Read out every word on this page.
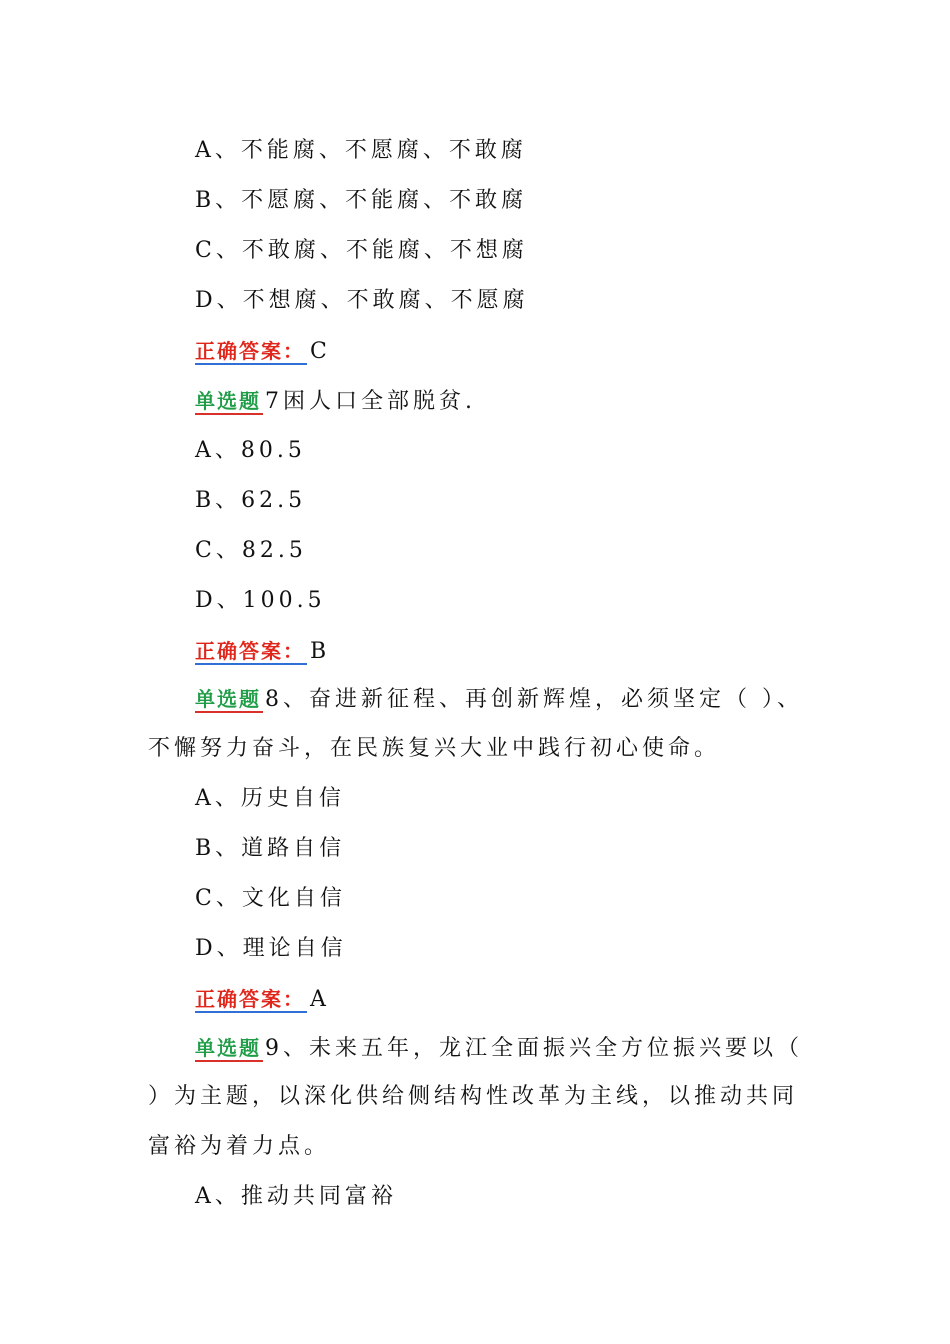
A、不能腐、不愿腐、不敢腐
B、不愿腐、不能腐、不敢腐
C、不敢腐、不能腐、不想腐
D、不想腐、不敢腐、不愿腐
正确答案： C
单选题 7困人口全部脱贫.
A、80.5
B、62.5
C、82.5
D、100.5
正确答案： B
单选题 8、奋进新征程、再创新辉煌，必须坚定（ ）、
不懈努力奋斗，在民族复兴大业中践行初心使命。
A、历史自信
B、道路自信
C、文化自信
D、理论自信
正确答案： A
单选题 9、未来五年，龙江全面振兴全方位振兴要以（
）为主题，以深化供给侧结构性改革为主线，以推动共同
富裕为着力点。
A、推动共同富裕
